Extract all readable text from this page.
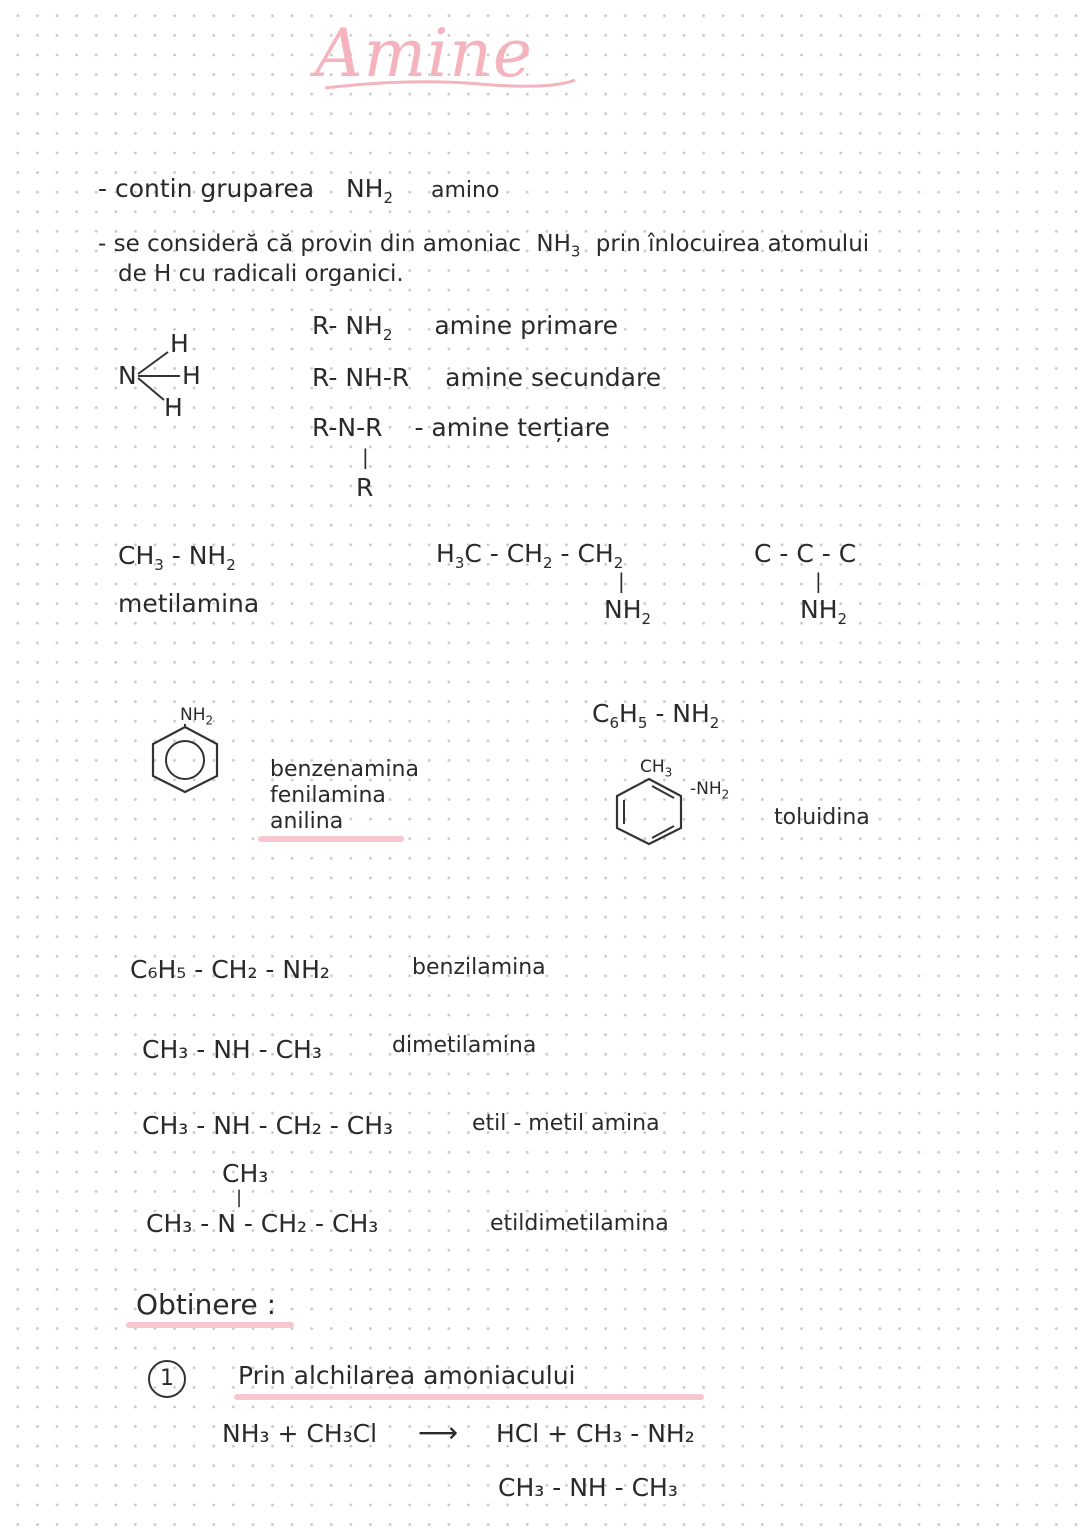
Amine
- contin gruparea $NH_2$ amino
- se consideră că provin din amoniac $NH_3$ prin înlocuirea atomului
de H cu radicali organici.
H
N H
H
R- $NH_2$ amine primare
R- NH-R amine secundare
R-N-R - amine terțiare
|
R
$CH_3 - NH_2$
metilamina
$H_3C - CH_2 - CH_2$
|
$NH_2$
C - C - C
|
$NH_2$
$NH_2$
benzenamina
fenilamina
anilina
$C_6H_5 - NH_2$
$CH_3$
$-NH_2$
toluidina
C₆H₅ - CH₂ - NH₂	benzilamina
CH₃ - NH - CH₃	dimetilamina
CH₃ - NH - CH₂ - CH₃	etil - metil amina
CH₃
|
CH₃ - N - CH₂ - CH₃	etildimetilamina
Obtinere :
1	Prin alchilarea amoniacului
NH₃ + CH₃Cl ⟶ HCl + CH₃ - NH₂
CH₃ - NH - CH₃
